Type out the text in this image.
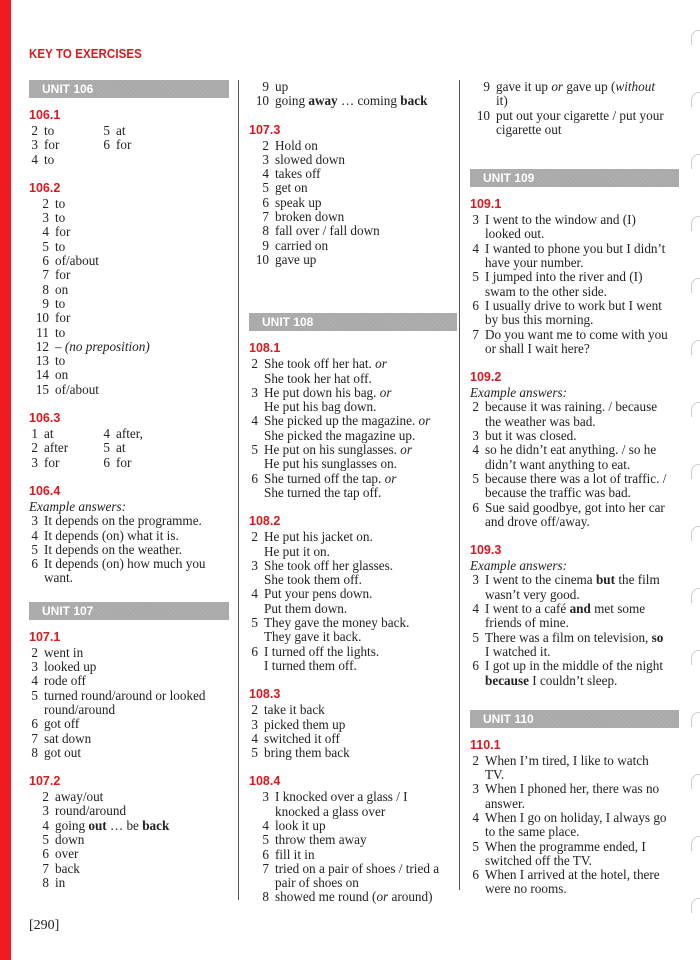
KEY TO EXERCISES
UNIT 106
106.1
2 to	5 at
3 for	6 for
4 to
106.2
2 to
3 to
4 for
5 to
6 of/about
7 for
8 on
9 to
10 for
11 to
12 – (no preposition)
13 to
14 on
15 of/about
106.3
1 at	4 after,
2 after	5 at
3 for	6 for
106.4
Example answers:
3 It depends on the programme.
4 It depends (on) what it is.
5 It depends on the weather.
6 It depends (on) how much you want.
UNIT 107
107.1
2 went in
3 looked up
4 rode off
5 turned round/around or looked round/around
6 got off
7 sat down
8 got out
107.2
2 away/out
3 round/around
4 going out … be back
5 down
6 over
7 back
8 in
[290]
9 up
10 going away … coming back
107.3
2 Hold on
3 slowed down
4 takes off
5 get on
6 speak up
7 broken down
8 fall over / fall down
9 carried on
10 gave up
UNIT 108
108.1
2 She took off her hat. or
She took her hat off.
3 He put down his bag. or
He put his bag down.
4 She picked up the magazine. or
She picked the magazine up.
5 He put on his sunglasses. or
He put his sunglasses on.
6 She turned off the tap. or
She turned the tap off.
108.2
2 He put his jacket on.
He put it on.
3 She took off her glasses.
She took them off.
4 Put your pens down.
Put them down.
5 They gave the money back.
They gave it back.
6 I turned off the lights.
I turned them off.
108.3
2 take it back
3 picked them up
4 switched it off
5 bring them back
108.4
3 I knocked over a glass / I knocked a glass over
4 look it up
5 throw them away
6 fill it in
7 tried on a pair of shoes / tried a pair of shoes on
8 showed me round (or around)
9 gave it up or gave up (without it)
10 put out your cigarette / put your cigarette out
UNIT 109
109.1
3 I went to the window and (I) looked out.
4 I wanted to phone you but I didn’t have your number.
5 I jumped into the river and (I) swam to the other side.
6 I usually drive to work but I went by bus this morning.
7 Do you want me to come with you or shall I wait here?
109.2
Example answers:
2 because it was raining. / because the weather was bad.
3 but it was closed.
4 so he didn’t eat anything. / so he didn’t want anything to eat.
5 because there was a lot of traffic. / because the traffic was bad.
6 Sue said goodbye, got into her car and drove off/away.
109.3
Example answers:
3 I went to the cinema but the film wasn’t very good.
4 I went to a café and met some friends of mine.
5 There was a film on television, so I watched it.
6 I got up in the middle of the night because I couldn’t sleep.
UNIT 110
110.1
2 When I’m tired, I like to watch TV.
3 When I phoned her, there was no answer.
4 When I go on holiday, I always go to the same place.
5 When the programme ended, I switched off the TV.
6 When I arrived at the hotel, there were no rooms.
